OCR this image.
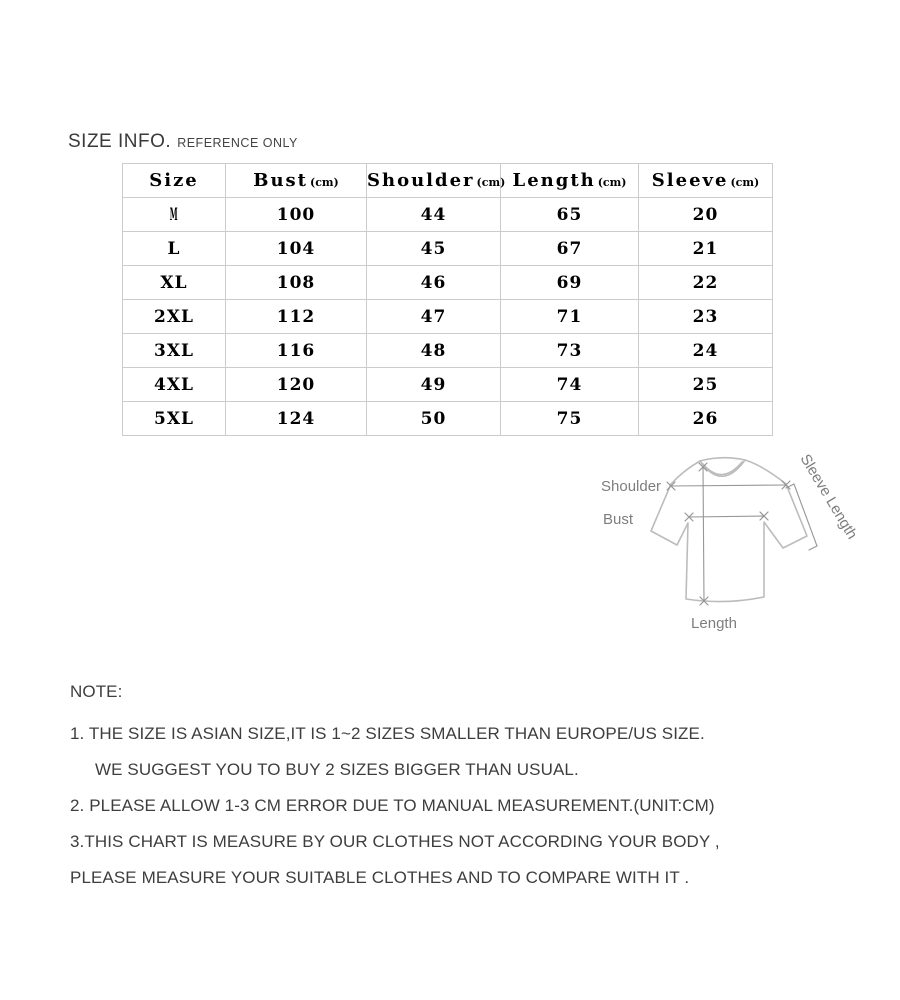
SIZE INFO. REFERENCE ONLY
Size	Bust (cm)	Shoulder (cm)	Length (cm)	Sleeve (cm)
M	100	44	65	20
L	104	45	67	21
XL	108	46	69	22
2XL	112	47	71	23
3XL	116	48	73	24
4XL	120	49	74	25
5XL	124	50	75	26
Shoulder
Bust
Length
Sleeve Length
NOTE:
1. THE SIZE IS ASIAN SIZE,IT IS 1~2 SIZES SMALLER THAN EUROPE/US SIZE.
WE SUGGEST YOU TO BUY 2 SIZES BIGGER THAN USUAL.
2. PLEASE ALLOW 1-3 CM ERROR DUE TO MANUAL MEASUREMENT.(UNIT:CM)
3.THIS CHART IS MEASURE BY OUR CLOTHES NOT ACCORDING YOUR BODY ,
PLEASE MEASURE YOUR SUITABLE CLOTHES AND TO COMPARE WITH IT .
